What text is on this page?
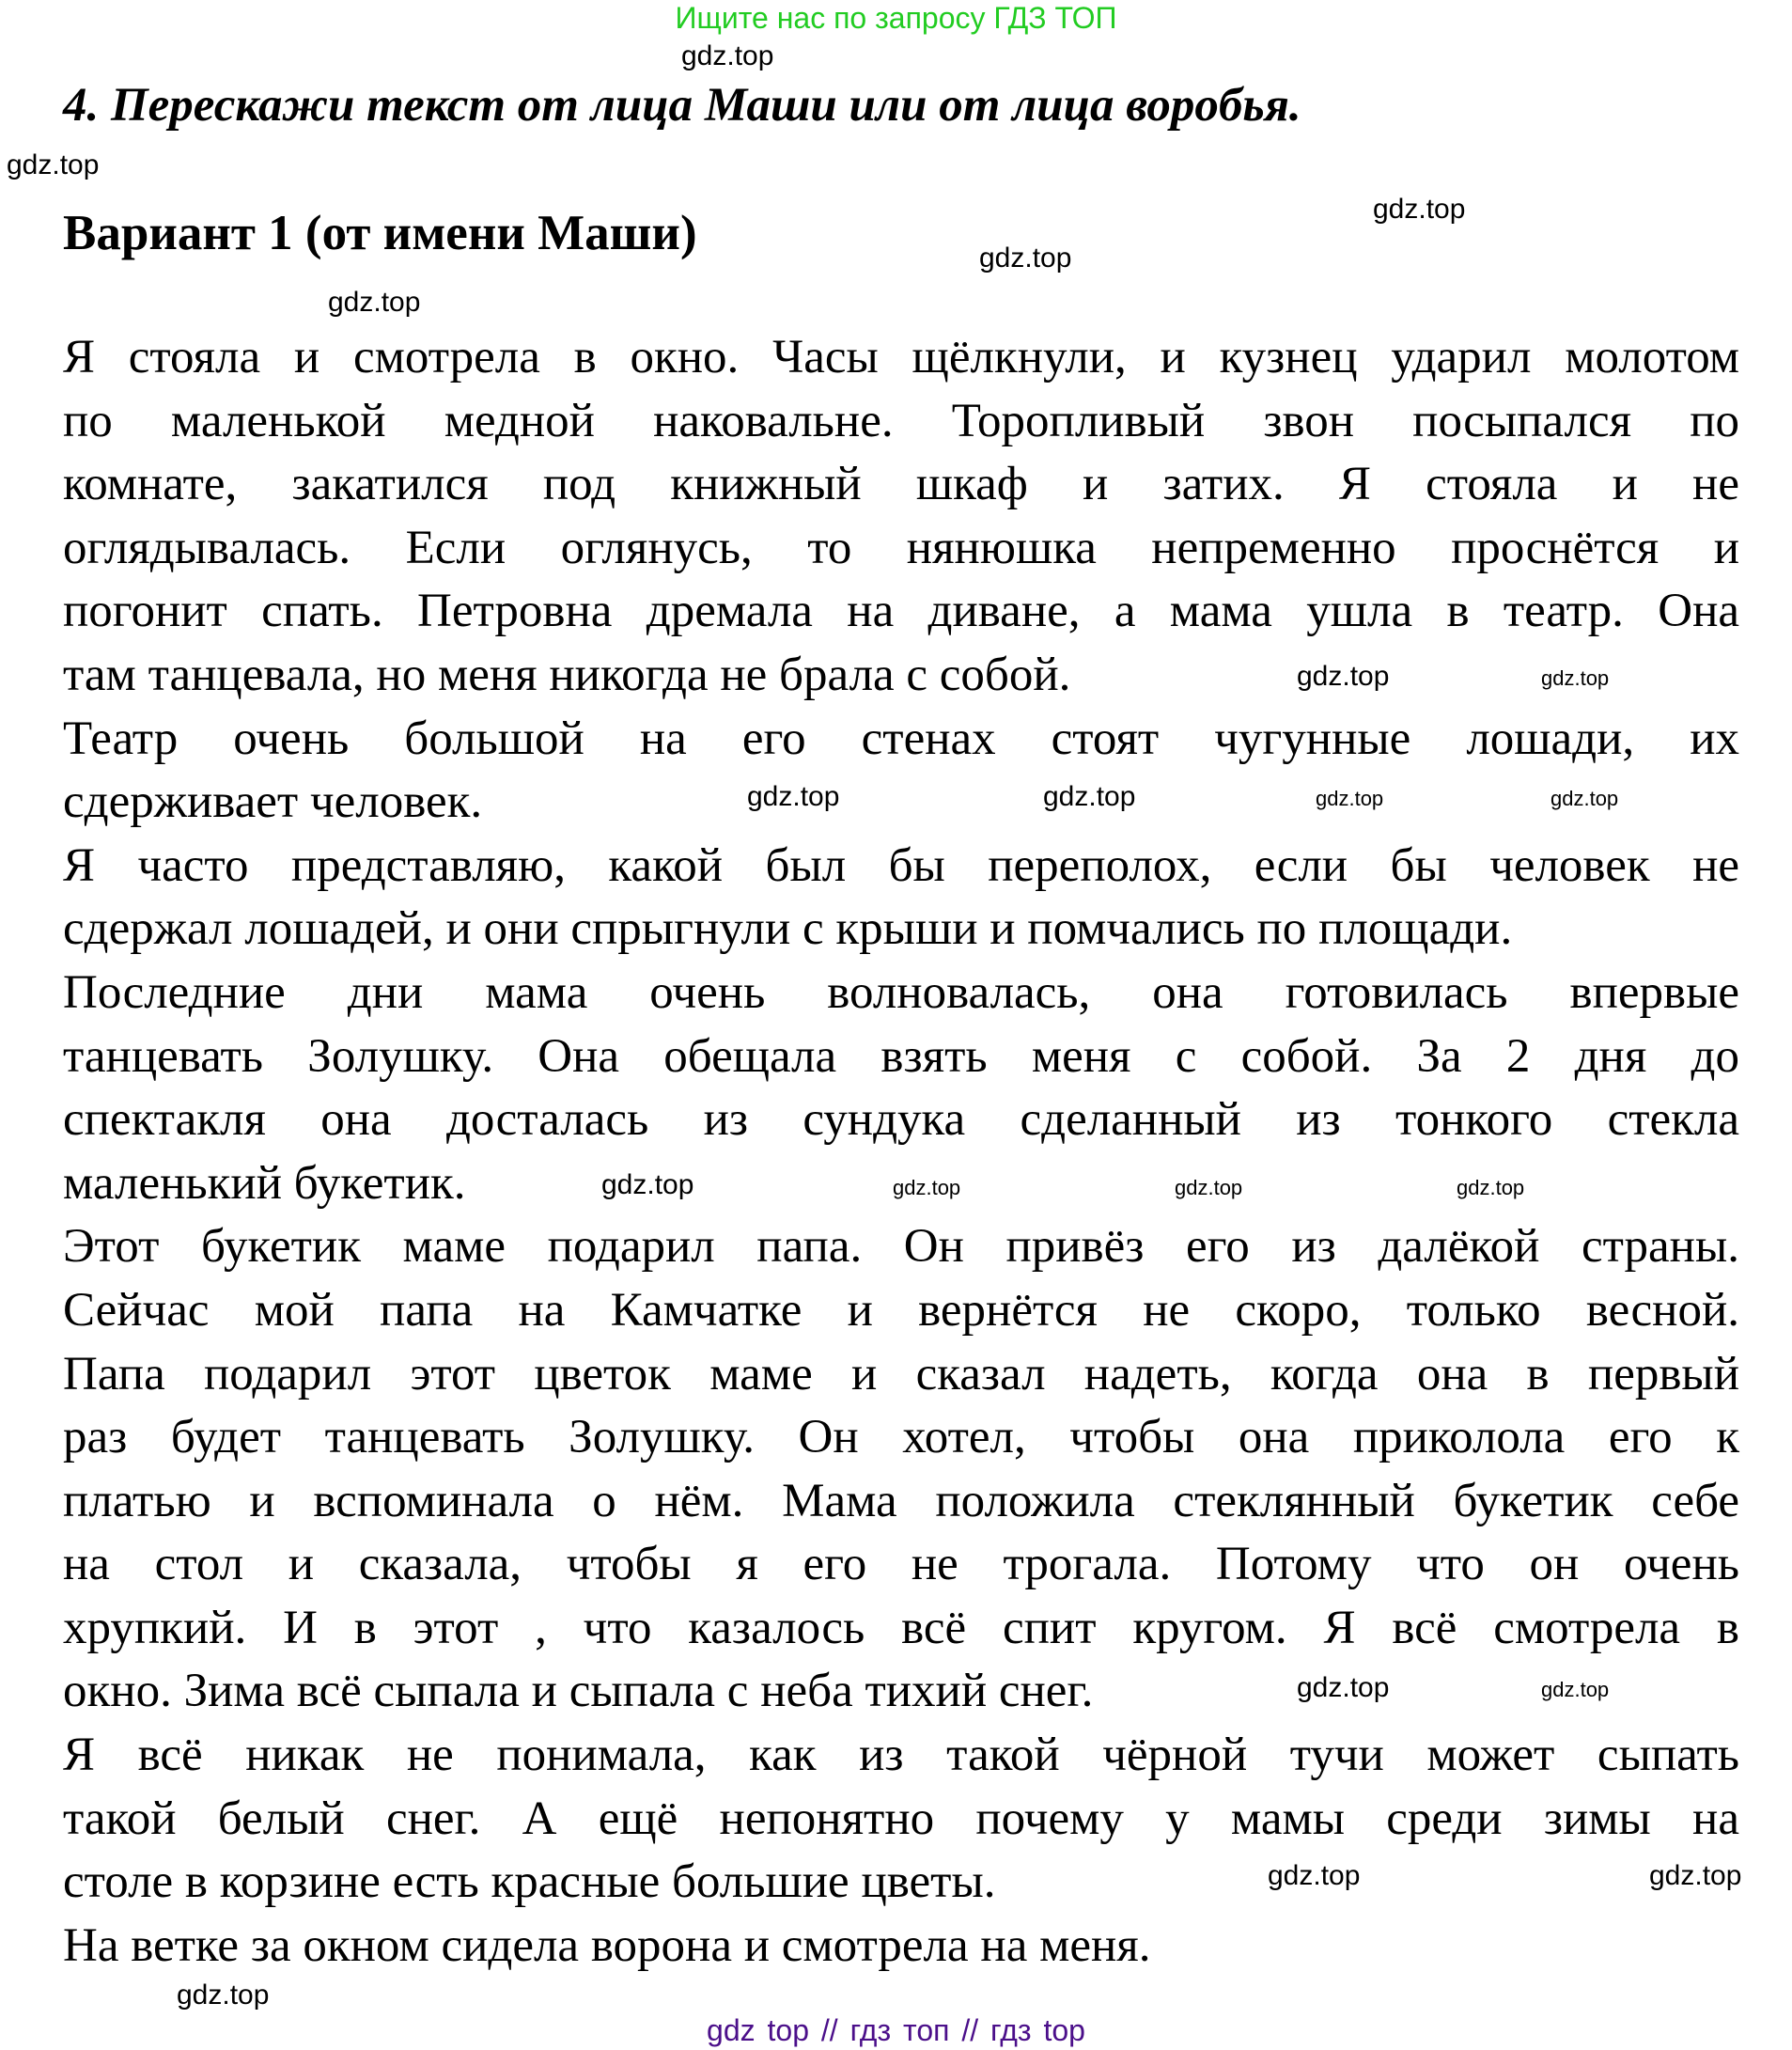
Ищите нас по запросу ГДЗ ТОП
4. Перескажи текст от лица Маши или от лица воробья.
Вариант 1 (от имени Маши)
Я стояла и смотрела в окно. Часы щёлкнули, и кузнец ударил молотом
по маленькой медной наковальне. Торопливый звон посыпался по
комнате, закатился под книжный шкаф и затих. Я стояла и не
оглядывалась. Если оглянусь, то нянюшка непременно проснётся и
погонит спать. Петровна дремала на диване, а мама ушла в театр. Она
там танцевала, но меня никогда не брала с собой.
Театр очень большой на его стенах стоят чугунные лошади, их
сдерживает человек.
Я часто представляю, какой был бы переполох, если бы человек не
сдержал лошадей, и они спрыгнули с крыши и помчались по площади.
Последние дни мама очень волновалась, она готовилась впервые
танцевать Золушку. Она обещала взять меня с собой. За 2 дня до
спектакля она досталась из сундука сделанный из тонкого стекла
маленький букетик.
Этот букетик маме подарил папа. Он привёз его из далёкой страны.
Сейчас мой папа на Камчатке и вернётся не скоро, только весной.
Папа подарил этот цветок маме и сказал надеть, когда она в первый
раз будет танцевать Золушку. Он хотел, чтобы она приколола его к
платью и вспоминала о нём. Мама положила стеклянный букетик себе
на стол и сказала, чтобы я его не трогала. Потому что он очень
хрупкий. И в этот , что казалось всё спит кругом. Я всё смотрела в
окно. Зима всё сыпала и сыпала с неба тихий снег.
Я всё никак не понимала, как из такой чёрной тучи может сыпать
такой белый снег. А ещё непонятно почему у мамы среди зимы на
столе в корзине есть красные большие цветы.
На ветке за окном сидела ворона и смотрела на меня.
gdz.top
gdz.top
gdz.top
gdz.top
gdz.top
gdz.top
gdz.top
gdz.top	gdz.top	gdz.top	gdz.top
gdz.top	gdz.top	gdz.top	gdz.top
gdz.top	gdz.top
gdz.top
gdz.top
gdz.top
gdz top // гдз топ // гдз top
